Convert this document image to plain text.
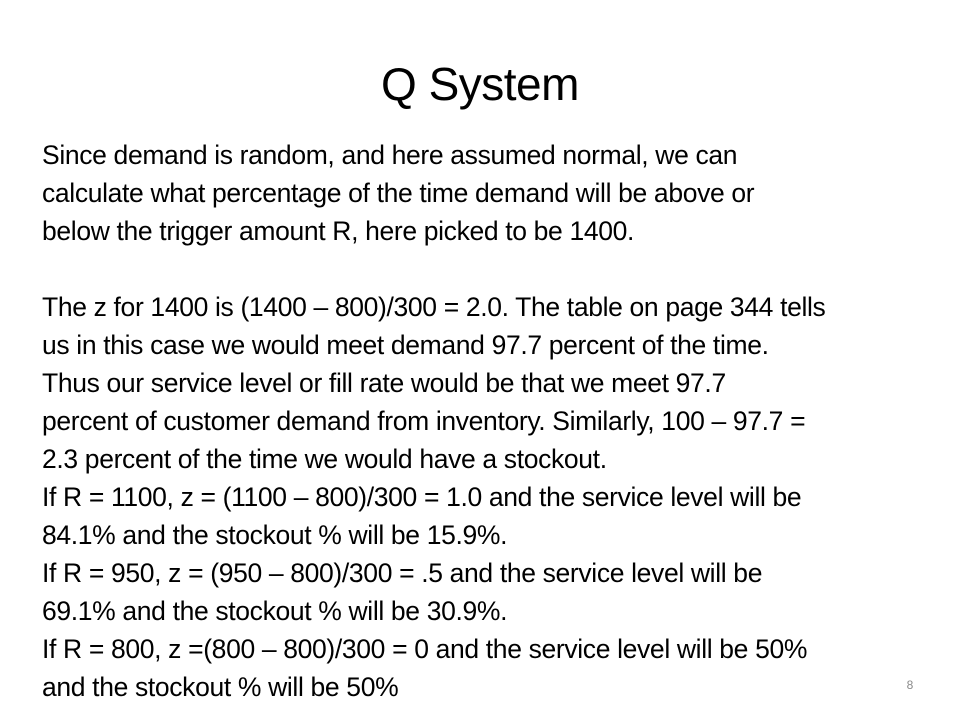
Q System
Since demand is random, and here assumed normal, we can
calculate what percentage of the time demand will be above or
below the trigger amount R, here picked to be 1400.
The z for 1400 is (1400 – 800)/300 = 2.0. The table on page 344 tells
us in this case we would meet demand 97.7 percent of the time.
Thus our service level or fill rate would be that we meet 97.7
percent of customer demand from inventory. Similarly, 100 – 97.7 =
2.3 percent of the time we would have a stockout.
If R = 1100, z = (1100 – 800)/300 = 1.0 and the service level will be
84.1% and the stockout % will be 15.9%.
If R = 950, z = (950 – 800)/300 = .5 and the service level will be
69.1% and the stockout % will be 30.9%.
If R = 800, z =(800 – 800)/300 = 0 and the service level will be 50%
and the stockout % will be 50%	8
